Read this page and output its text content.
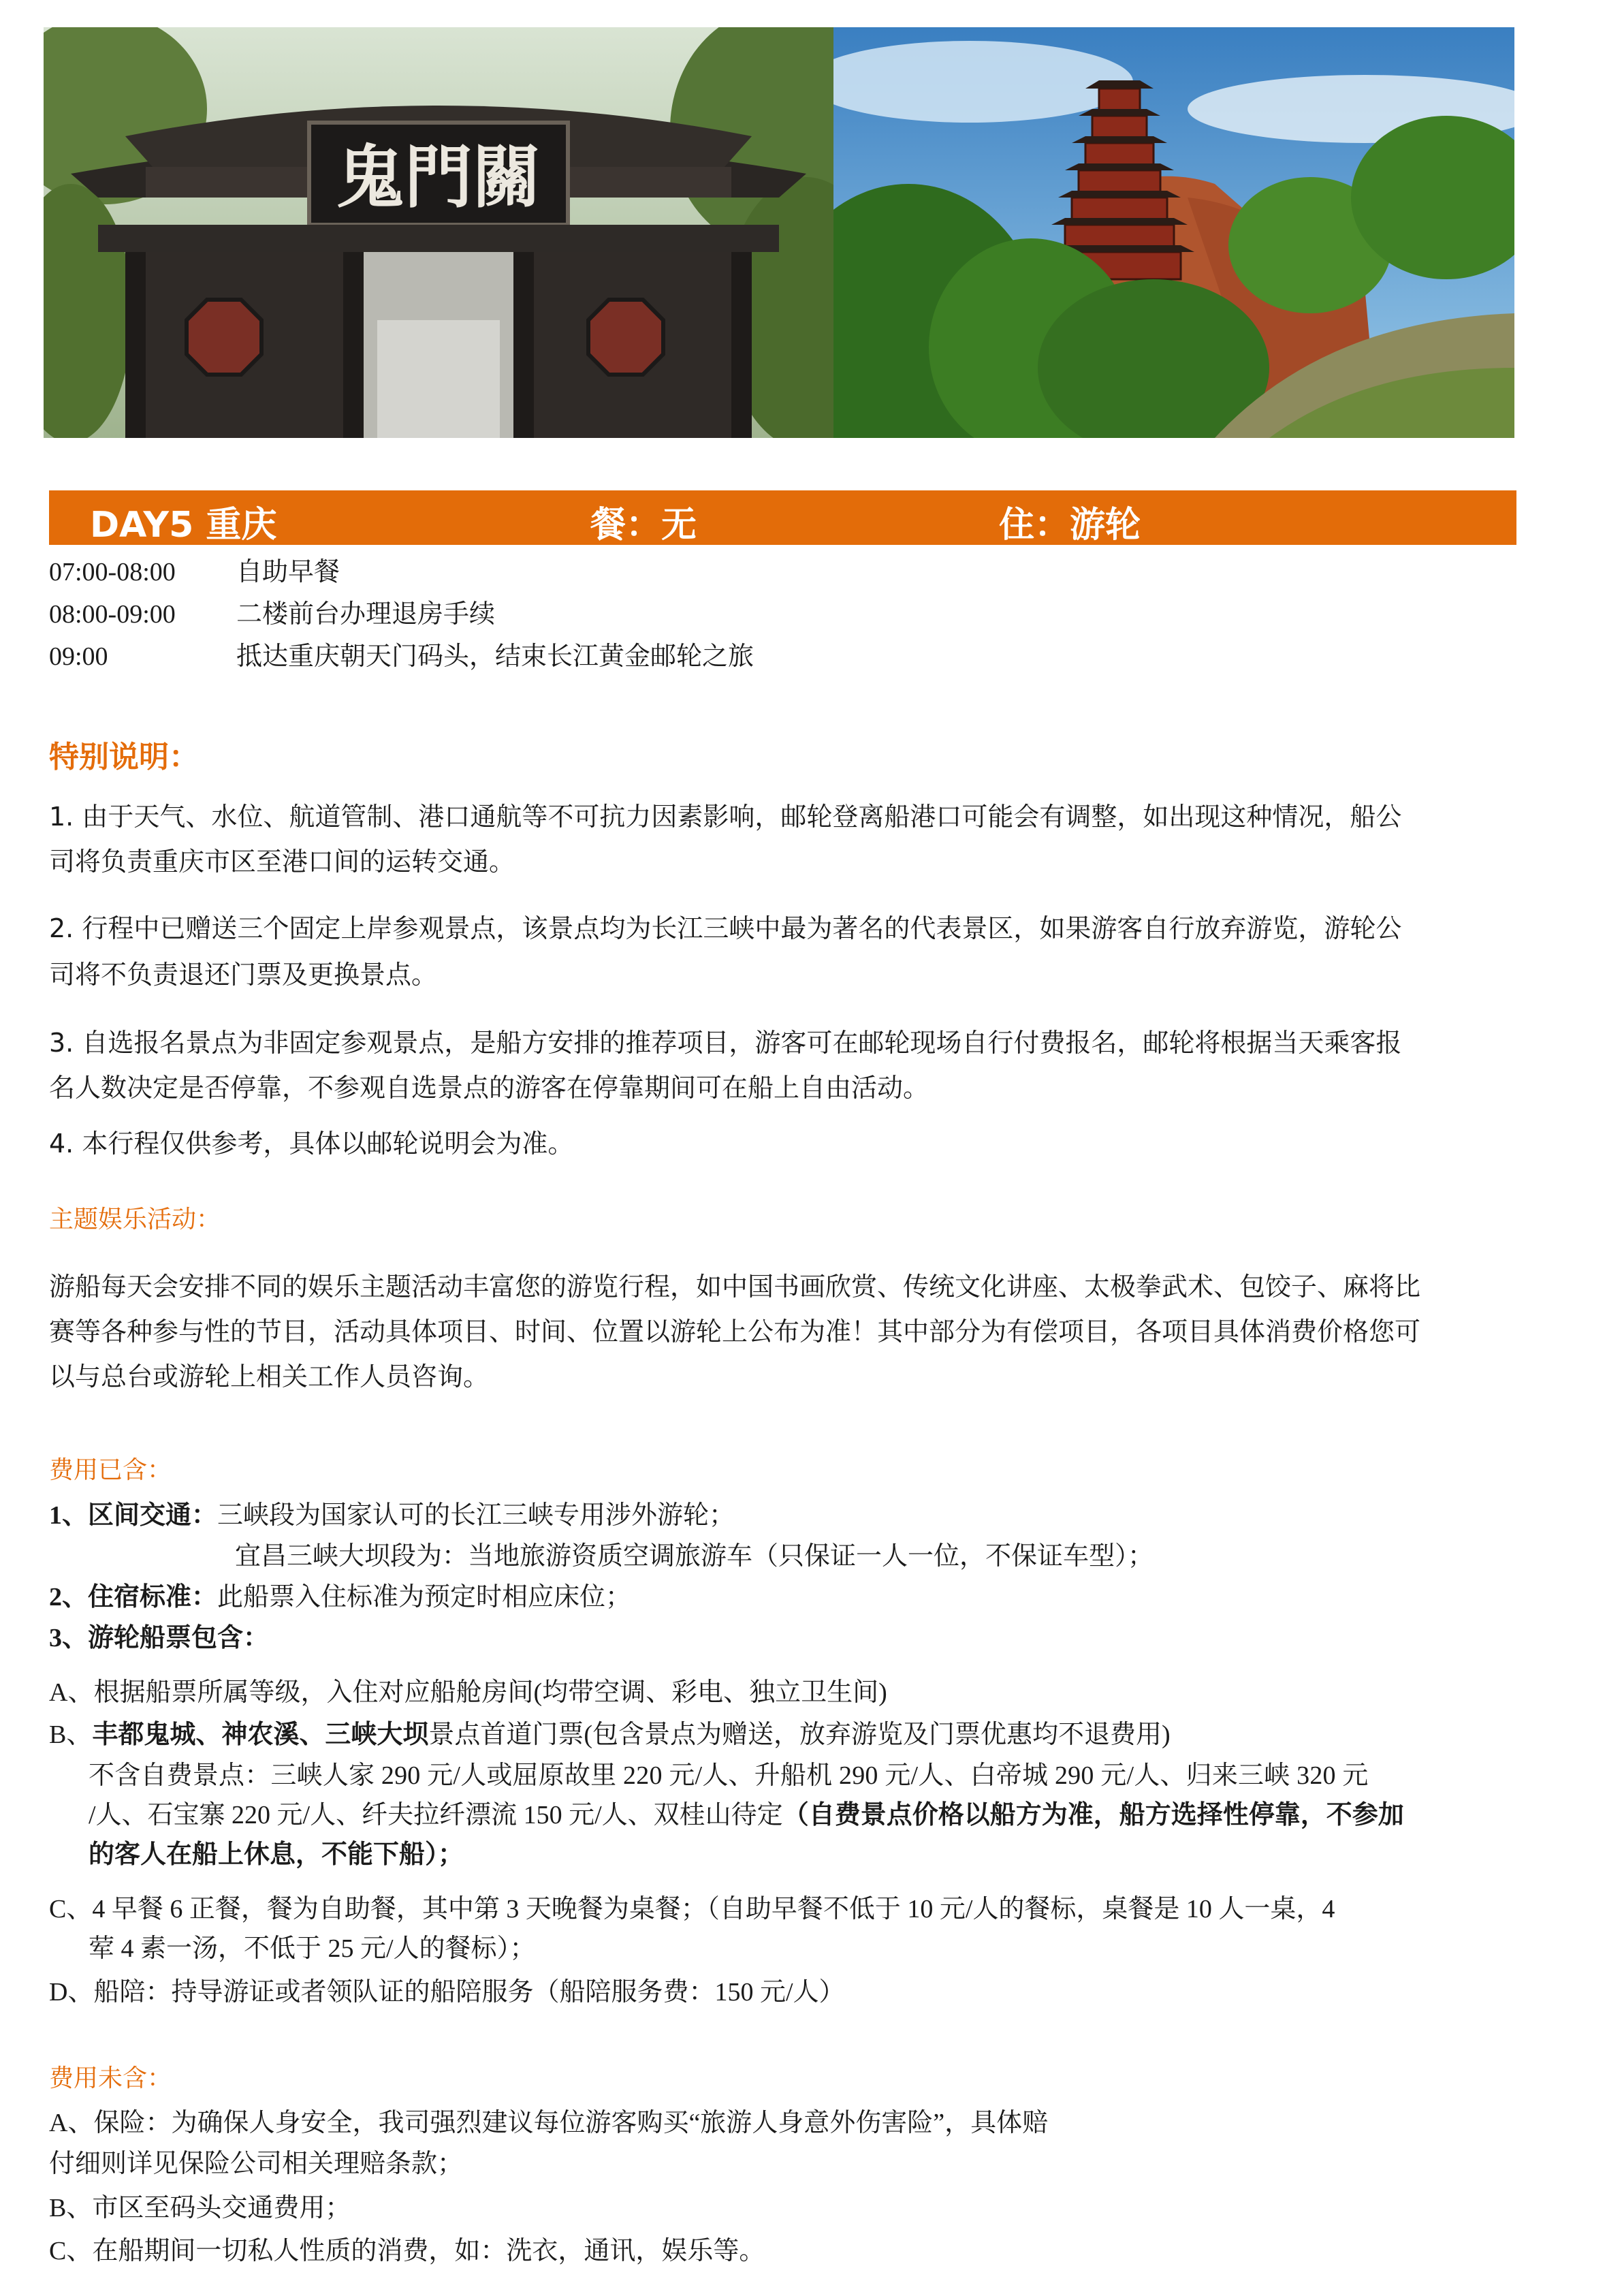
鬼門關
DAY5 重庆	餐：无	住：游轮
07:00-08:00 自助早餐
08:00-09:00 二楼前台办理退房手续
09:00	抵达重庆朝天门码头，结束长江黄金邮轮之旅
特别说明：
1. 由于天气、水位、航道管制、港口通航等不可抗力因素影响，邮轮登离船港口可能会有调整，如出现这种情况，船公
司将负责重庆市区至港口间的运转交通。
2. 行程中已赠送三个固定上岸参观景点，该景点均为长江三峡中最为著名的代表景区，如果游客自行放弃游览，游轮公
司将不负责退还门票及更换景点。
3. 自选报名景点为非固定参观景点，是船方安排的推荐项目，游客可在邮轮现场自行付费报名，邮轮将根据当天乘客报
名人数决定是否停靠，不参观自选景点的游客在停靠期间可在船上自由活动。
4. 本行程仅供参考，具体以邮轮说明会为准。
主题娱乐活动：
游船每天会安排不同的娱乐主题活动丰富您的游览行程，如中国书画欣赏、传统文化讲座、太极拳武术、包饺子、麻将比
赛等各种参与性的节目，活动具体项目、时间、位置以游轮上公布为准！其中部分为有偿项目，各项目具体消费价格您可
以与总台或游轮上相关工作人员咨询。
费用已含：
1、区间交通：三峡段为国家认可的长江三峡专用涉外游轮；
宜昌三峡大坝段为：当地旅游资质空调旅游车（只保证一人一位，不保证车型）；
2、住宿标准：此船票入住标准为预定时相应床位；
3、游轮船票包含：
A、根据船票所属等级，入住对应船舱房间(均带空调、彩电、独立卫生间)
B、丰都鬼城、神农溪、三峡大坝景点首道门票(包含景点为赠送，放弃游览及门票优惠均不退费用)
不含自费景点：三峡人家 290 元/人或屈原故里 220 元/人、升船机 290 元/人、白帝城 290 元/人、归来三峡 320 元
/人、石宝寨 220 元/人、纤夫拉纤漂流 150 元/人、双桂山待定（自费景点价格以船方为准，船方选择性停靠，不参加
的客人在船上休息，不能下船）；
C、4 早餐 6 正餐，餐为自助餐，其中第 3 天晚餐为桌餐；（自助早餐不低于 10 元/人的餐标，桌餐是 10 人一桌，4
荤 4 素一汤，不低于 25 元/人的餐标）；
D、船陪：持导游证或者领队证的船陪服务（船陪服务费：150 元/人）
费用未含：
A、保险：为确保人身安全，我司强烈建议每位游客购买“旅游人身意外伤害险”，具体赔
付细则详见保险公司相关理赔条款；
B、市区至码头交通费用；
C、在船期间一切私人性质的消费，如：洗衣，通讯，娱乐等。
